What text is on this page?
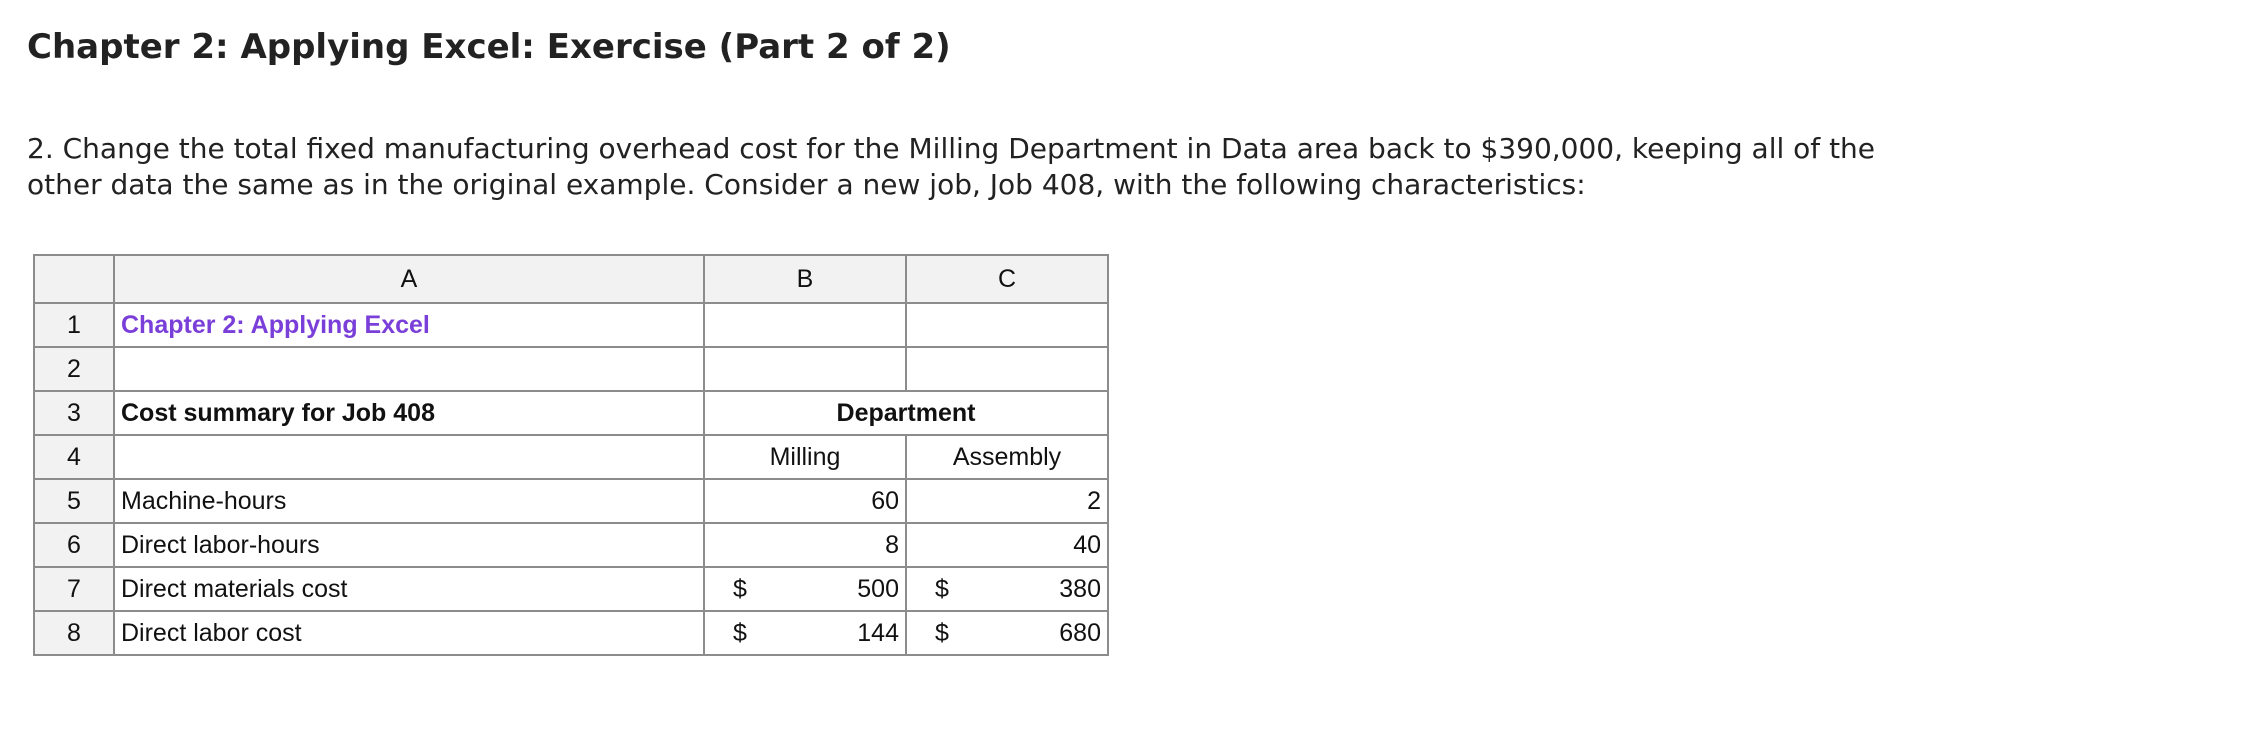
Chapter 2: Applying Excel: Exercise (Part 2 of 2)

2. Change the total fixed manufacturing overhead cost for the Milling Department in Data area back to $390,000, keeping all of the other data the same as in the original example. Consider a new job, Job 408, with the following characteristics:

	A	B	C
1	Chapter 2: Applying Excel		
2			
3	Cost summary for Job 408	Department	
4		Milling	Assembly
5	Machine-hours	60	2
6	Direct labor-hours	8	40
7	Direct materials cost	$ 500	$ 380

8	Direct labor cost	$ 144	$ 680
